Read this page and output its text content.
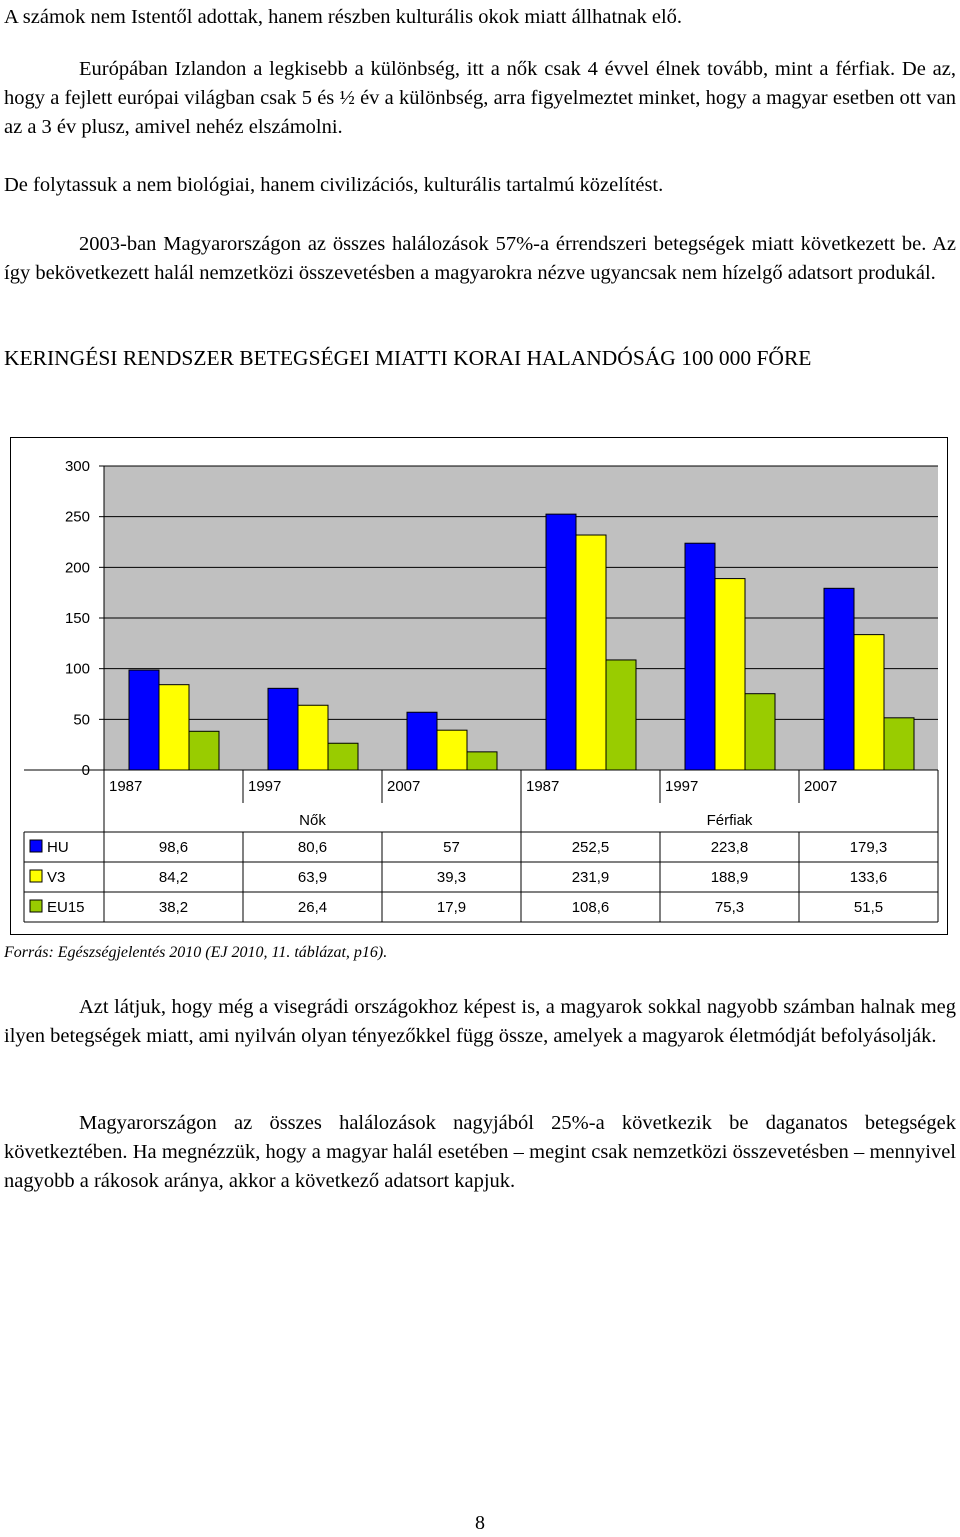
A számok nem Istentől adottak, hanem részben kulturális okok miatt állhatnak elő.

Európában Izlandon a legkisebb a különbség, itt a nők csak 4 évvel élnek tovább, mint a férfiak. De az, hogy a fejlett európai világban csak 5 és ½ év a különbség, arra figyelmeztet minket, hogy a magyar esetben ott van az a 3 év plusz, amivel nehéz elszámolni.

De folytassuk a nem biológiai, hanem civilizációs, kulturális tartalmú közelítést.

2003-ban Magyarországon az összes halálozások 57%-a érrendszeri betegségek miatt következett be. Az így bekövetkezett halál nemzetközi összevetésben a magyarokra nézve ugyancsak nem hízelgő adatsort produkál.

KERINGÉSI RENDSZER BETEGSÉGEI MIATTI KORAI HALANDÓSÁG 100 000 FŐRE
0
50
100
150
200
250
300
1987	1997	2007	1987	1997	2007
Nők	Férfiak
HU	98,6	80,6	57	252,5	223,8	179,3
V3	84,2	63,9	39,3	231,9	188,9	133,6
EU15	38,2	26,4	17,9	108,6	75,3	51,5

Forrás: Egészségjelentés 2010 (EJ 2010, 11. táblázat, p16).

Azt látjuk, hogy még a visegrádi országokhoz képest is, a magyarok sokkal nagyobb számban halnak meg ilyen betegségek miatt, ami nyilván olyan tényezőkkel függ össze, amelyek a magyarok életmódját befolyásolják.

Magyarországon az összes halálozások nagyjából 25%-a következik be daganatos betegségek következtében. Ha megnézzük, hogy a magyar halál esetében – megint csak nemzetközi összevetésben – mennyivel nagyobb a rákosok aránya, akkor a következő adatsort kapjuk.

8
